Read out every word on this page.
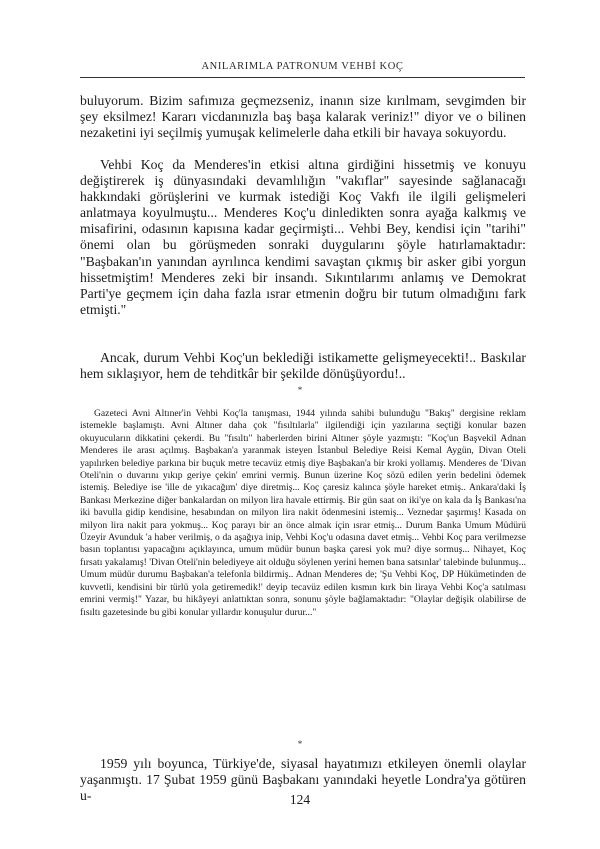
ANILARIMLA PATRONUM VEHBİ KOÇ

buluyorum. Bizim safımıza geçmezseniz, inanın size kırılmam, sevgimden bir şey eksilmez! Kararı vicdanınızla baş başa kalarak veriniz!" diyor ve o bilinen nezaketini iyi seçilmiş yumuşak kelimelerle daha etkili bir havaya sokuyordu.

Vehbi Koç da Menderes'in etkisi altına girdiğini hissetmiş ve konuyu değiştirerek iş dünyasındaki devamlılığın "vakıflar" sayesinde sağlanacağı hakkındaki görüşlerini ve kurmak istediği Koç Vakfı ile ilgili gelişmeleri anlatmaya koyulmuştu... Menderes Koç'u dinledikten sonra ayağa kalkmış ve misafirini, odasının kapısına kadar geçirmişti... Vehbi Bey, kendisi için "tarihi" önemi olan bu görüşmeden sonraki duygularını şöyle hatırlamaktadır: "Başbakan'ın yanından ayrılınca kendimi savaştan çıkmış bir asker gibi yorgun hissetmiştim! Menderes zeki bir insandı. Sıkıntılarımı anlamış ve Demokrat Parti'ye geçmem için daha fazla ısrar etmenin doğru bir tutum olmadığını fark etmişti."

Ancak, durum Vehbi Koç'un beklediği istikamette gelişmeyecekti!.. Baskılar hem sıklaşıyor, hem de tehditkâr bir şekilde dönüşüyordu!..

*

Gazeteci Avni Altıner'in Vehbi Koç'la tanışması, 1944 yılında sahibi bulunduğu "Bakış" dergisine reklam istemekle başlamıştı. Avni Altıner daha çok "fısıltılarla" ilgilendiği için yazılarına seçtiği konular bazen okuyucuların dikkatini çekerdi. Bu "fısıltı" haberlerden birini Altıner şöyle yazmıştı: "Koç'un Başvekil Adnan Menderes ile arası açılmış. Başbakan'a yaranmak isteyen İstanbul Belediye Reisi Kemal Aygün, Divan Oteli yapılırken belediye parkına bir buçuk metre tecavüz etmiş diye Başbakan'a bir kroki yollamış. Menderes de 'Divan Oteli'nin o duvarını yıkıp geriye çekin' emrini vermiş. Bunun üzerine Koç sözü edilen yerin bedelini ödemek istemiş. Belediye ise 'ille de yıkacağım' diye diretmiş... Koç çaresiz kalınca şöyle hareket etmiş.. Ankara'daki İş Bankası Merkezine diğer bankalardan on milyon lira havale ettirmiş. Bir gün saat on iki'ye on kala da İş Bankası'na iki bavulla gidip kendisine, hesabından on milyon lira nakit ödenmesini istemiş... Veznedar şaşırmış! Kasada on milyon lira nakit para yokmuş... Koç parayı bir an önce almak için ısrar etmiş... Durum Banka Umum Müdürü Üzeyir Avunduk 'a haber verilmiş, o da aşağıya inip, Vehbi Koç'u odasına davet etmiş... Vehbi Koç para verilmezse basın toplantısı yapacağını açıklayınca, umum müdür bunun başka çaresi yok mu? diye sormuş... Nihayet, Koç fırsatı yakalamış! 'Divan Oteli'nin belediyeye ait olduğu söylenen yerini hemen bana satsınlar' talebinde bulunmuş... Umum müdür durumu Başbakan'a telefonla bildirmiş.. Adnan Menderes de; 'Şu Vehbi Koç, DP Hükümetinden de kuvvetli, kendisini bir türlü yola getiremedik!' deyip tecavüz edilen kısmın kırk bin liraya Vehbi Koç'a satılması emrini vermiş!" Yazar, bu hikâyeyi anlattıktan sonra, sonunu şöyle bağlamaktadır: "Olaylar değişik olabilirse de fısıltı gazetesinde bu gibi konular yıllardır konuşulur durur..."

*

1959 yılı boyunca, Türkiye'de, siyasal hayatımızı etkileyen önemli olaylar yaşanmıştı. 17 Şubat 1959 günü Başbakanı yanındaki heyetle Londra'ya götüren u-	124
